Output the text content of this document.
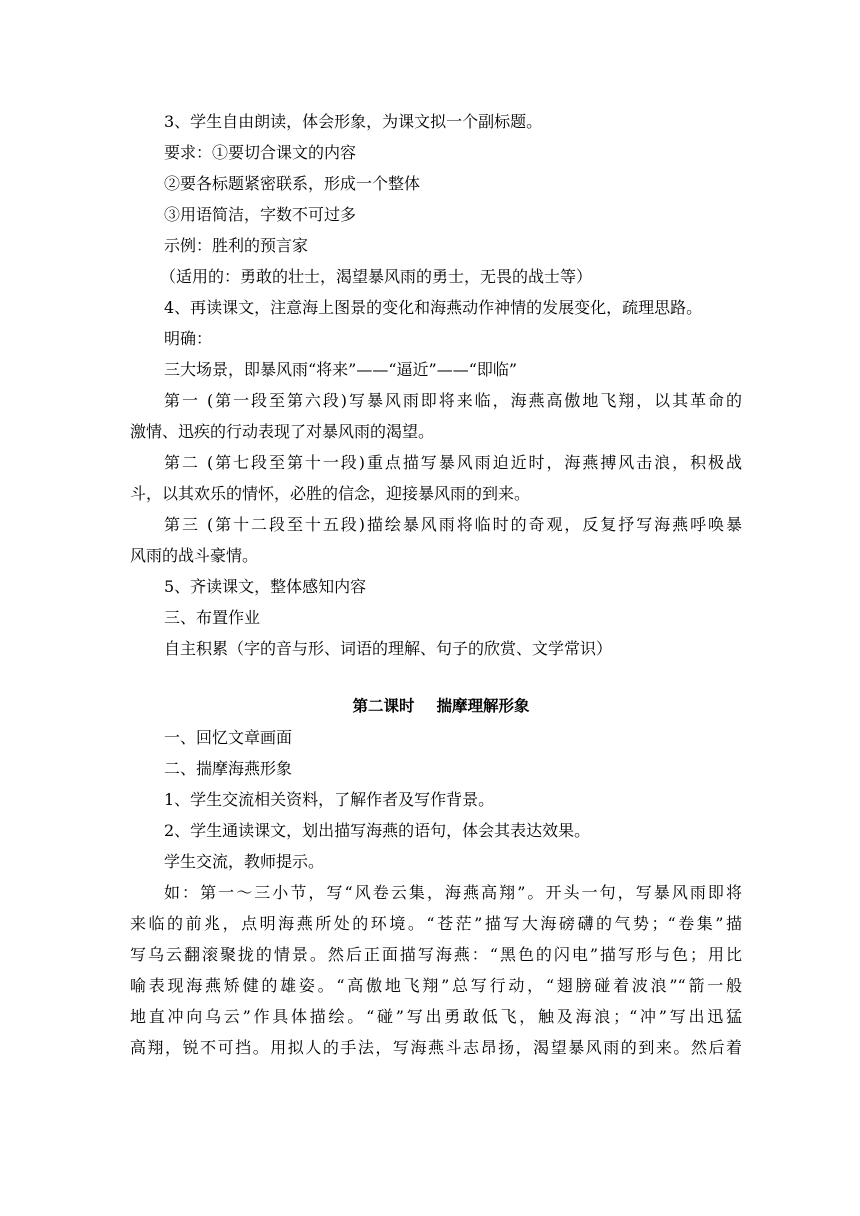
3、学生自由朗读，体会形象，为课文拟一个副标题。
要求：①要切合课文的内容
②要各标题紧密联系，形成一个整体
③用语简洁，字数不可过多
示例：胜利的预言家
（适用的：勇敢的壮士，渴望暴风雨的勇士，无畏的战士等）
4、再读课文，注意海上图景的变化和海燕动作神情的发展变化，疏理思路。
明确：
三大场景，即暴风雨“将来”——“逼近”——“即临”
第一 (第一段至第六段)写暴风雨即将来临，海燕高傲地飞翔，以其革命的
激情、迅疾的行动表现了对暴风雨的渴望。
第二 (第七段至第十一段)重点描写暴风雨迫近时，海燕搏风击浪，积极战
斗，以其欢乐的情怀，必胜的信念，迎接暴风雨的到来。
第三 (第十二段至十五段)描绘暴风雨将临时的奇观，反复抒写海燕呼唤暴
风雨的战斗豪情。
5、齐读课文，整体感知内容
三、布置作业
自主积累（字的音与形、词语的理解、句子的欣赏、文学常识）
第二课时 揣摩理解形象
一、回忆文章画面
二、揣摩海燕形象
1、学生交流相关资料，了解作者及写作背景。
2、学生通读课文，划出描写海燕的语句，体会其表达效果。
学生交流，教师提示。
如：第一～三小节，写“风卷云集，海燕高翔”。开头一句，写暴风雨即将
来临的前兆，点明海燕所处的环境。“苍茫”描写大海磅礴的气势；“卷集”描
写乌云翻滚聚拢的情景。然后正面描写海燕：“黑色的闪电”描写形与色；用比
喻表现海燕矫健的雄姿。“高傲地飞翔”总写行动，“翅膀碰着波浪”“箭一般
地直冲向乌云”作具体描绘。“碰”写出勇敢低飞，触及海浪；“冲”写出迅猛
高翔，锐不可挡。用拟人的手法，写海燕斗志昂扬，渴望暴风雨的到来。然后着
